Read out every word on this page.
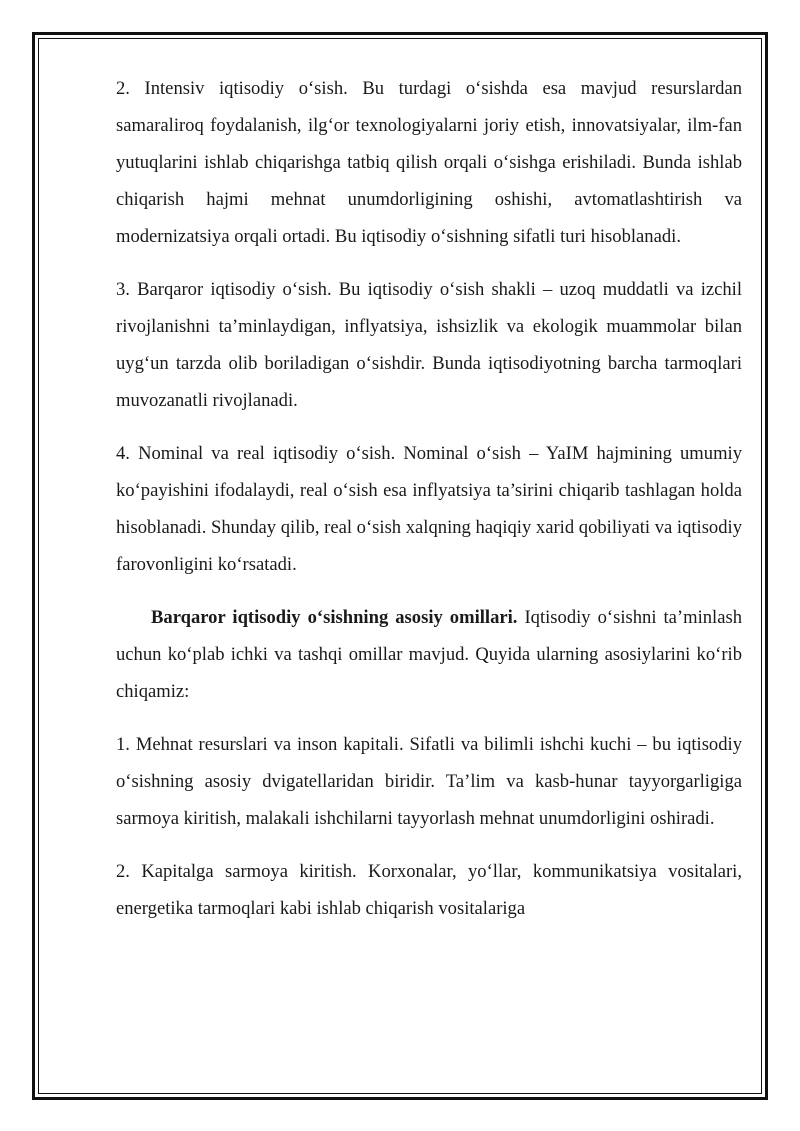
2. Intensiv iqtisodiy o‘sish. Bu turdagi o‘sishda esa mavjud resurslardan samaraliroq foydalanish, ilg‘or texnologiyalarni joriy etish, innovatsiyalar, ilm-fan yutuqlarini ishlab chiqarishga tatbiq qilish orqali o‘sishga erishiladi. Bunda ishlab chiqarish hajmi mehnat unumdorligining oshishi, avtomatlashtirish va modernizatsiya orqali ortadi. Bu iqtisodiy o‘sishning sifatli turi hisoblanadi.

3. Barqaror iqtisodiy o‘sish. Bu iqtisodiy o‘sish shakli – uzoq muddatli va izchil rivojlanishni ta’minlaydigan, inflyatsiya, ishsizlik va ekologik muammolar bilan uyg‘un tarzda olib boriladigan o‘sishdir. Bunda iqtisodiyotning barcha tarmoqlari muvozanatli rivojlanadi.

4. Nominal va real iqtisodiy o‘sish. Nominal o‘sish – YaIM hajmining umumiy ko‘payishini ifodalaydi, real o‘sish esa inflyatsiya ta’sirini chiqarib tashlagan holda hisoblanadi. Shunday qilib, real o‘sish xalqning haqiqiy xarid qobiliyati va iqtisodiy farovonligini ko‘rsatadi.

Barqaror iqtisodiy o‘sishning asosiy omillari. Iqtisodiy o‘sishni ta’minlash uchun ko‘plab ichki va tashqi omillar mavjud. Quyida ularning asosiylarini ko‘rib chiqamiz:

1. Mehnat resurslari va inson kapitali. Sifatli va bilimli ishchi kuchi – bu iqtisodiy o‘sishning asosiy dvigatellaridan biridir. Ta’lim va kasb-hunar tayyorgarligiga sarmoya kiritish, malakali ishchilarni tayyorlash mehnat unumdorligini oshiradi.

2. Kapitalga sarmoya kiritish. Korxonalar, yo‘llar, kommunikatsiya vositalari, energetika tarmoqlari kabi ishlab chiqarish vositalariga
